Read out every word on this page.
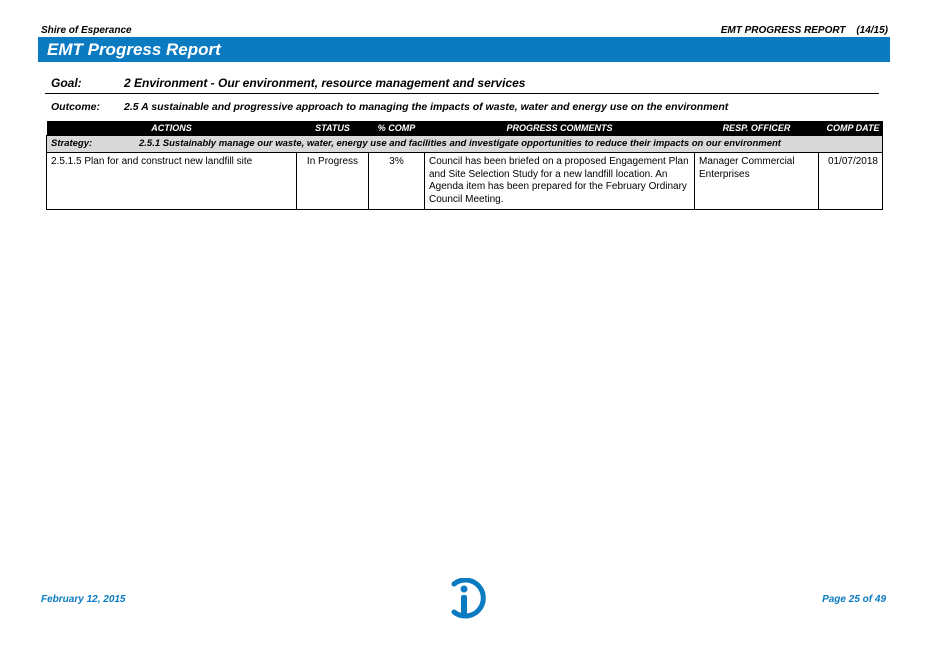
Shire of Esperance	EMT PROGRESS REPORT (14/15)
EMT Progress Report
Goal:	2 Environment - Our environment, resource management and services
Outcome:	2.5 A sustainable and progressive approach to managing the impacts of waste, water and energy use on the environment
ACTIONS	STATUS	% COMP	PROGRESS COMMENTS	RESP. OFFICER	COMP DATE
Strategy: 2.5.1 Sustainably manage our waste, water, energy use and facilities and investigate opportunities to reduce their impacts on our environment					
2.5.1.5 Plan for and construct new landfill site	In Progress	3%	Council has been briefed on a proposed Engagement Plan and Site Selection Study for a new landfill location. An Agenda item has been prepared for the February Ordinary Council Meeting.	Manager Commercial Enterprises	01/07/2018
February 12, 2015	Page 25 of 49
